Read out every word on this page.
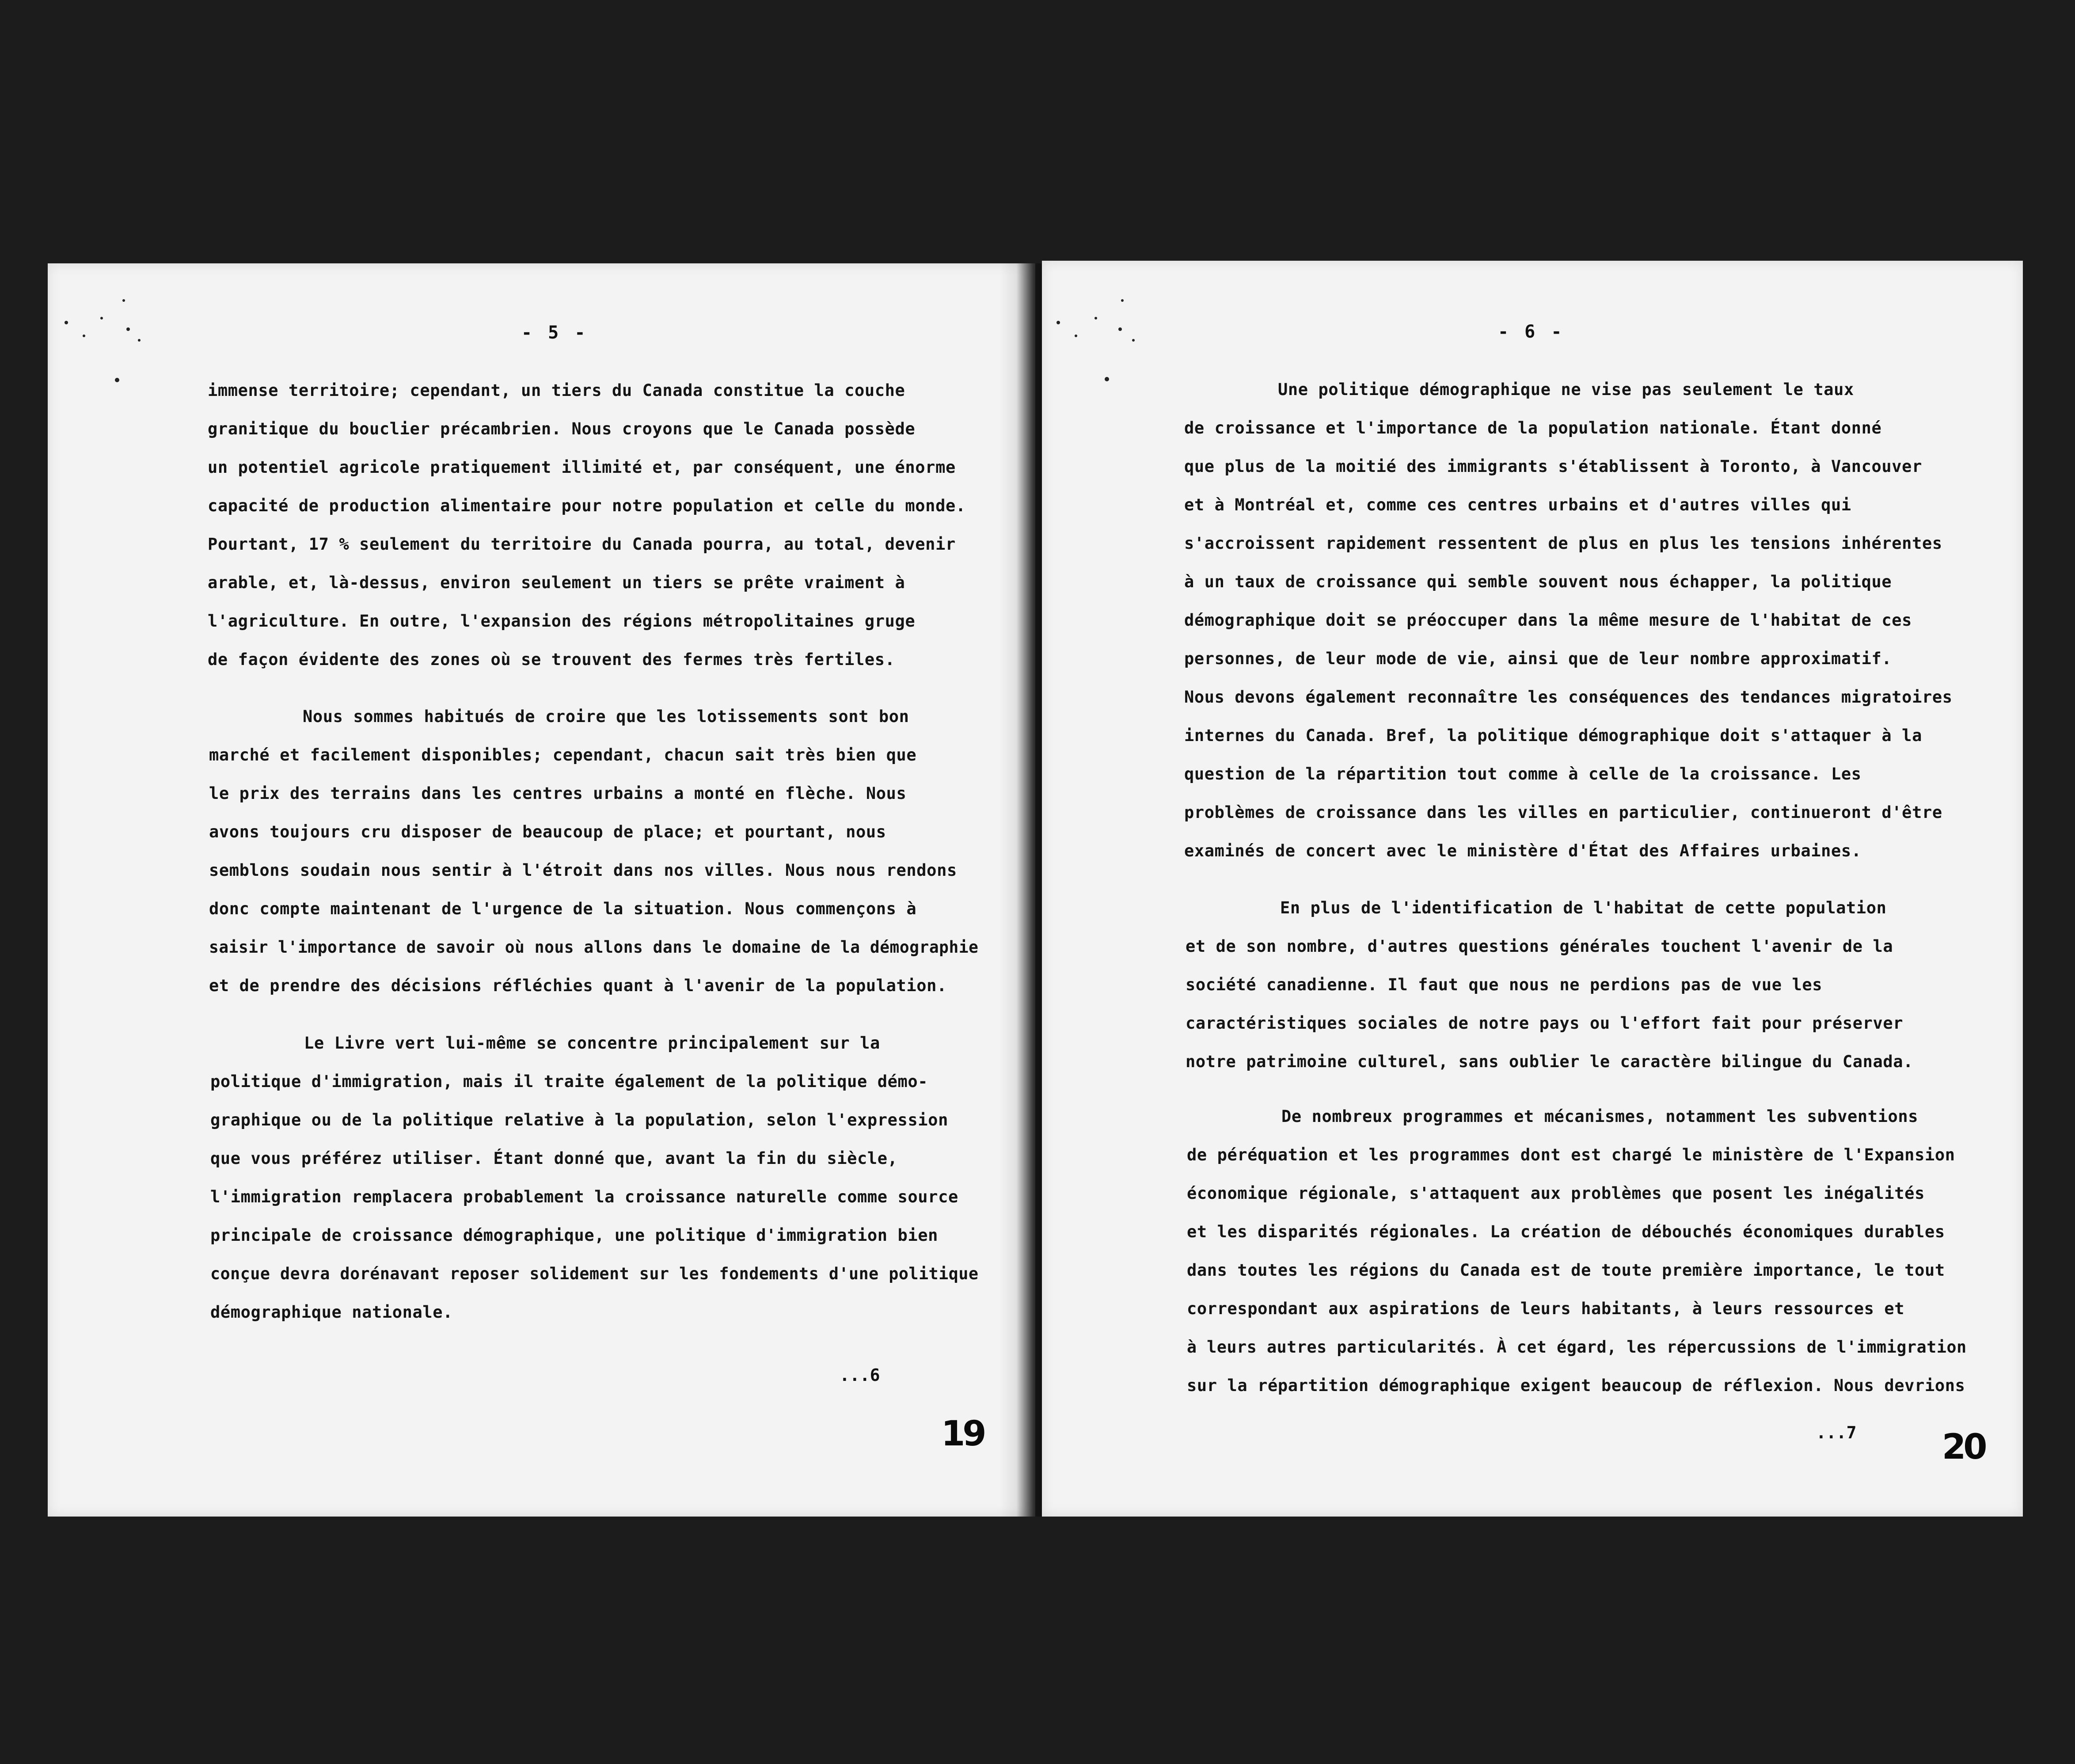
- 5 -
immense territoire; cependant, un tiers du Canada constitue la couche
granitique du bouclier précambrien. Nous croyons que le Canada possède
un potentiel agricole pratiquement illimité et, par conséquent, une énorme
capacité de production alimentaire pour notre population et celle du monde.
Pourtant, 17 % seulement du territoire du Canada pourra, au total, devenir
arable, et, là-dessus, environ seulement un tiers se prête vraiment à
l'agriculture. En outre, l'expansion des régions métropolitaines gruge
de façon évidente des zones où se trouvent des fermes très fertiles.
Nous sommes habitués de croire que les lotissements sont bon
marché et facilement disponibles; cependant, chacun sait très bien que
le prix des terrains dans les centres urbains a monté en flèche. Nous
avons toujours cru disposer de beaucoup de place; et pourtant, nous
semblons soudain nous sentir à l'étroit dans nos villes. Nous nous rendons
donc compte maintenant de l'urgence de la situation. Nous commençons à
saisir l'importance de savoir où nous allons dans le domaine de la démographie
et de prendre des décisions réfléchies quant à l'avenir de la population.
Le Livre vert lui-même se concentre principalement sur la
politique d'immigration, mais il traite également de la politique démo-
graphique ou de la politique relative à la population, selon l'expression
que vous préférez utiliser. Étant donné que, avant la fin du siècle,
l'immigration remplacera probablement la croissance naturelle comme source
principale de croissance démographique, une politique d'immigration bien
conçue devra dorénavant reposer solidement sur les fondements d'une politique
démographique nationale.
...6
19
- 6 -
Une politique démographique ne vise pas seulement le taux
de croissance et l'importance de la population nationale. Étant donné
que plus de la moitié des immigrants s'établissent à Toronto, à Vancouver
et à Montréal et, comme ces centres urbains et d'autres villes qui
s'accroissent rapidement ressentent de plus en plus les tensions inhérentes
à un taux de croissance qui semble souvent nous échapper, la politique
démographique doit se préoccuper dans la même mesure de l'habitat de ces
personnes, de leur mode de vie, ainsi que de leur nombre approximatif.
Nous devons également reconnaître les conséquences des tendances migratoires
internes du Canada. Bref, la politique démographique doit s'attaquer à la
question de la répartition tout comme à celle de la croissance. Les
problèmes de croissance dans les villes en particulier, continueront d'être
examinés de concert avec le ministère d'État des Affaires urbaines.
En plus de l'identification de l'habitat de cette population
et de son nombre, d'autres questions générales touchent l'avenir de la
société canadienne. Il faut que nous ne perdions pas de vue les
caractéristiques sociales de notre pays ou l'effort fait pour préserver
notre patrimoine culturel, sans oublier le caractère bilingue du Canada.
De nombreux programmes et mécanismes, notamment les subventions
de péréquation et les programmes dont est chargé le ministère de l'Expansion
économique régionale, s'attaquent aux problèmes que posent les inégalités
et les disparités régionales. La création de débouchés économiques durables
dans toutes les régions du Canada est de toute première importance, le tout
correspondant aux aspirations de leurs habitants, à leurs ressources et
à leurs autres particularités. À cet égard, les répercussions de l'immigration
sur la répartition démographique exigent beaucoup de réflexion. Nous devrions
...7 20
